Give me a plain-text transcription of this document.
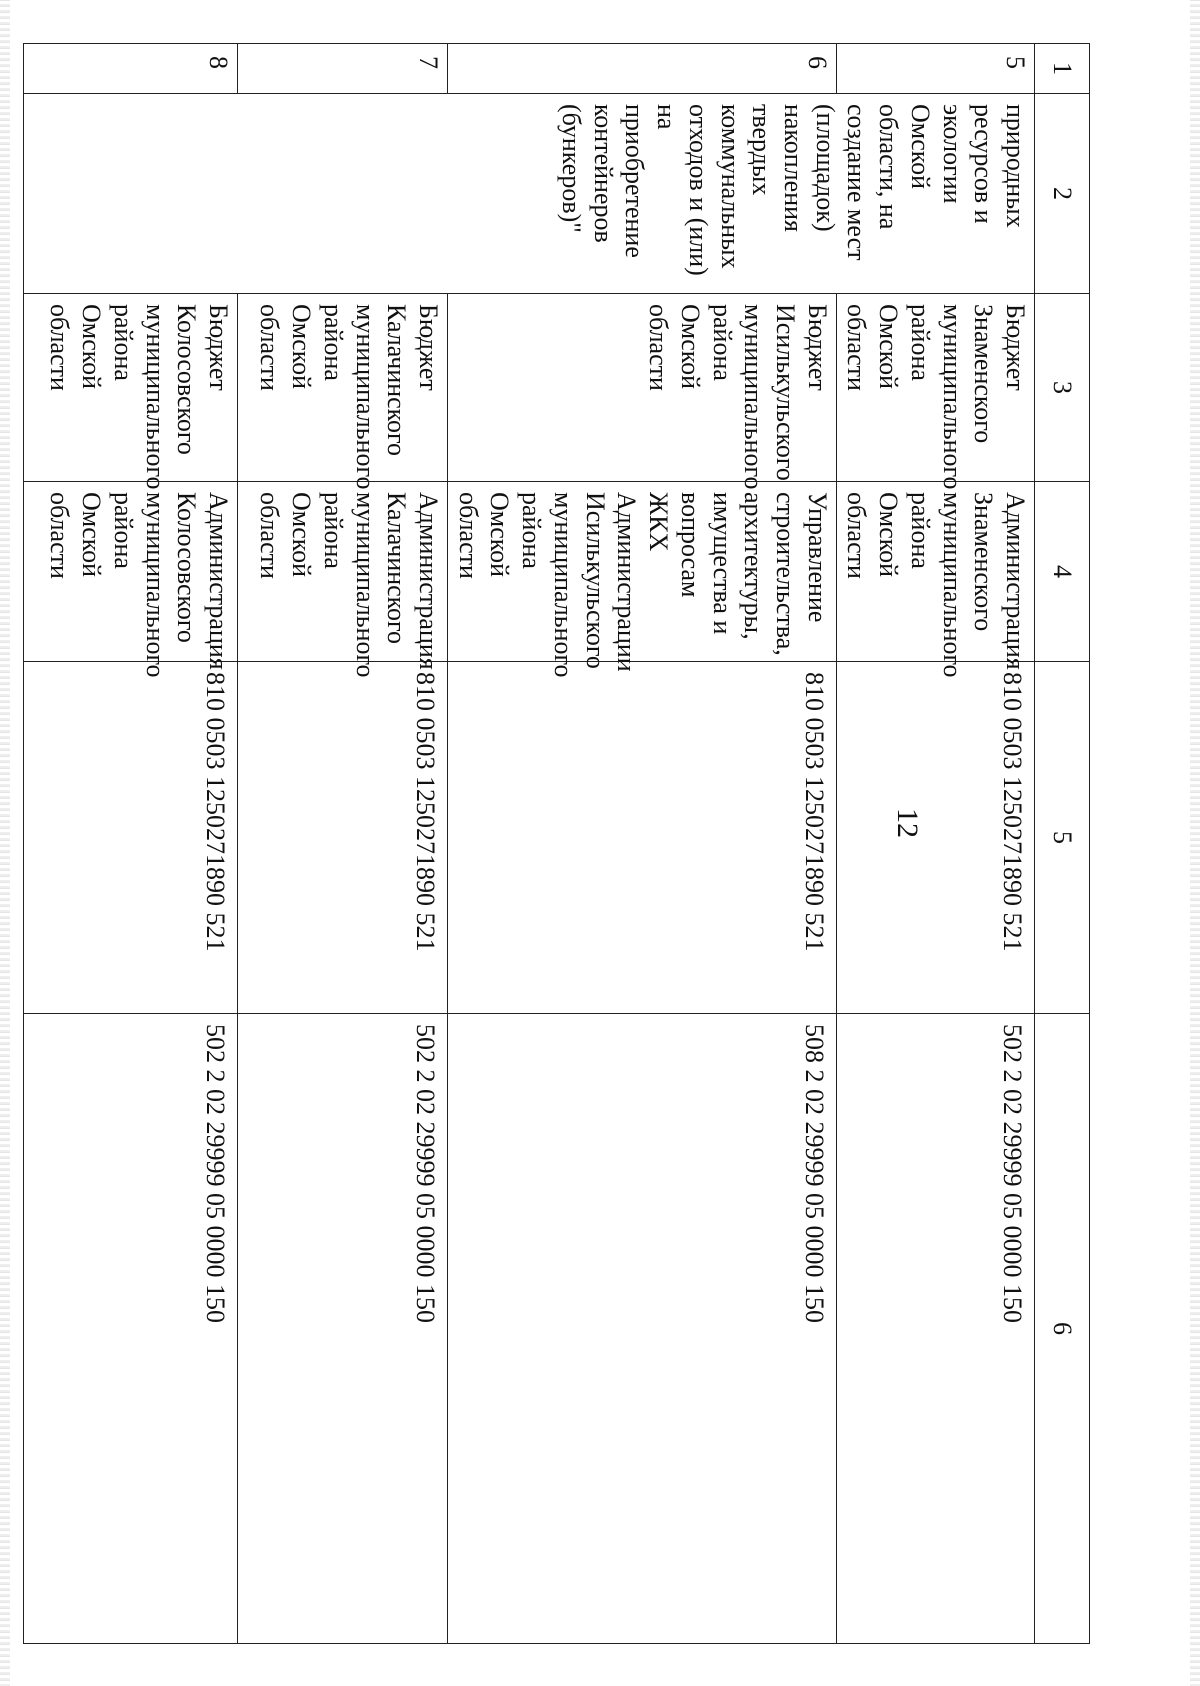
12
1	2	3	4	5	6
5	природных ресурсов и экологии Омской области, на создание мест (площадок) накопления твердых коммунальных отходов и (или) на приобретение контейнеров (бункеров)"	Бюджет Знаменского муниципального района Омской области	Администрация Знаменского муниципального района Омской области	810 0503 1250271890 521	502 2 02 29999 05 0000 150
6		Бюджет Исилькульского муниципального района Омской области	Управление строительства, архитектуры, имущества и вопросам ЖКХ Администрации Исилькульского муниципального района Омской области	810 0503 1250271890 521	508 2 02 29999 05 0000 150
7		Бюджет Калачинского муниципального района Омской области	Администрация Калачинского муниципального района Омской области	810 0503 1250271890 521	502 2 02 29999 05 0000 150
8		Бюджет Колосовского муниципального района Омской области	Администрация Колосовского муниципального района Омской области	810 0503 1250271890 521	502 2 02 29999 05 0000 150
